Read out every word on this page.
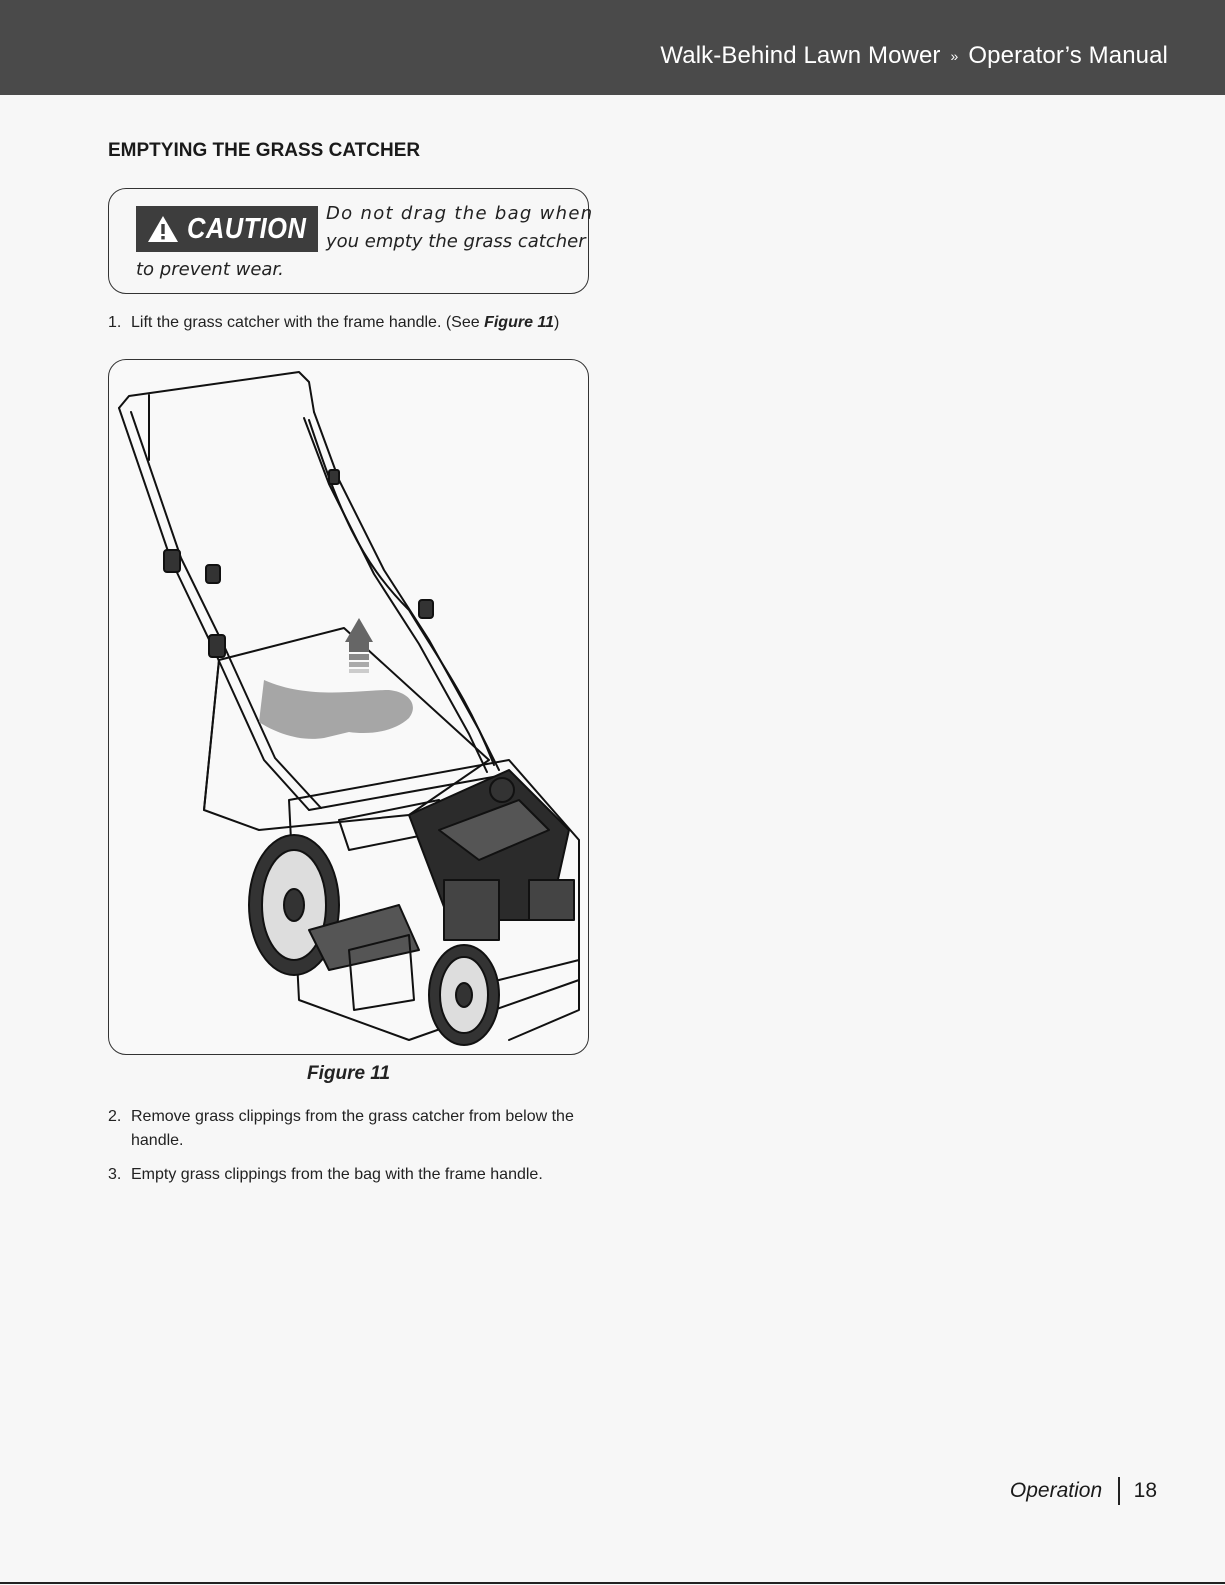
Walk-Behind Lawn Mower » Operator’s Manual
EMPTYING THE GRASS CATCHER
CAUTION Do not drag the bag when
you empty the grass catcher
to prevent wear.
1. Lift the grass catcher with the frame handle. (See Figure 11)
Figure 11
2. Remove grass clippings from the grass catcher from below the handle.
3. Empty grass clippings from the bag with the frame handle.
Operation 18
